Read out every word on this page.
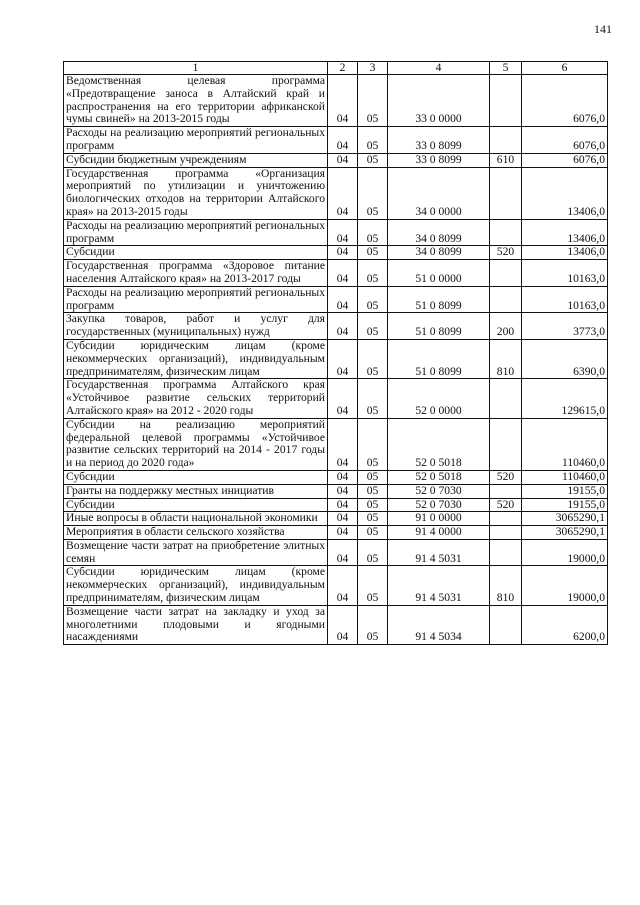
141
1	2	3	4	5	6
Ведомственная целевая программа «Предотвращение заноса в Алтайский край и распространения на его территории африканской чумы свиней» на 2013-2015 годы	04	05	33 0 0000		6076,0
Расходы на реализацию мероприятий региональных программ	04	05	33 0 8099		6076,0
Субсидии бюджетным учреждениям	04	05	33 0 8099	610	6076,0
Государственная программа «Организация мероприятий по утилизации и уничтожению биологических отходов на территории Алтайского края» на 2013-2015 годы	04	05	34 0 0000		13406,0
Расходы на реализацию мероприятий региональных программ	04	05	34 0 8099		13406,0
Субсидии	04	05	34 0 8099	520	13406,0
Государственная программа «Здоровое питание населения Алтайского края» на 2013-2017 годы	04	05	51 0 0000		10163,0
Расходы на реализацию мероприятий региональных программ	04	05	51 0 8099		10163,0
Закупка товаров, работ и услуг для государственных (муниципальных) нужд	04	05	51 0 8099	200	3773,0
Субсидии юридическим лицам (кроме некоммерческих организаций), индивидуальным предпринимателям, физическим лицам	04	05	51 0 8099	810	6390,0
Государственная программа Алтайского края «Устойчивое развитие сельских территорий Алтайского края» на 2012 - 2020 годы	04	05	52 0 0000		129615,0
Субсидии на реализацию мероприятий федеральной целевой программы «Устойчивое развитие сельских территорий на 2014 - 2017 годы и на период до 2020 года»	04	05	52 0 5018		110460,0
Субсидии	04	05	52 0 5018	520	110460,0
Гранты на поддержку местных инициатив	04	05	52 0 7030		19155,0
Субсидии	04	05	52 0 7030	520	19155,0
Иные вопросы в области национальной экономики	04	05	91 0 0000		3065290,1
Мероприятия в области сельского хозяйства	04	05	91 4 0000		3065290,1
Возмещение части затрат на приобретение элитных семян	04	05	91 4 5031		19000,0
Субсидии юридическим лицам (кроме некоммерческих организаций), индивидуальным предпринимателям, физическим лицам	04	05	91 4 5031	810	19000,0
Возмещение части затрат на закладку и уход за многолетними плодовыми и ягодными насаждениями	04	05	91 4 5034		6200,0
